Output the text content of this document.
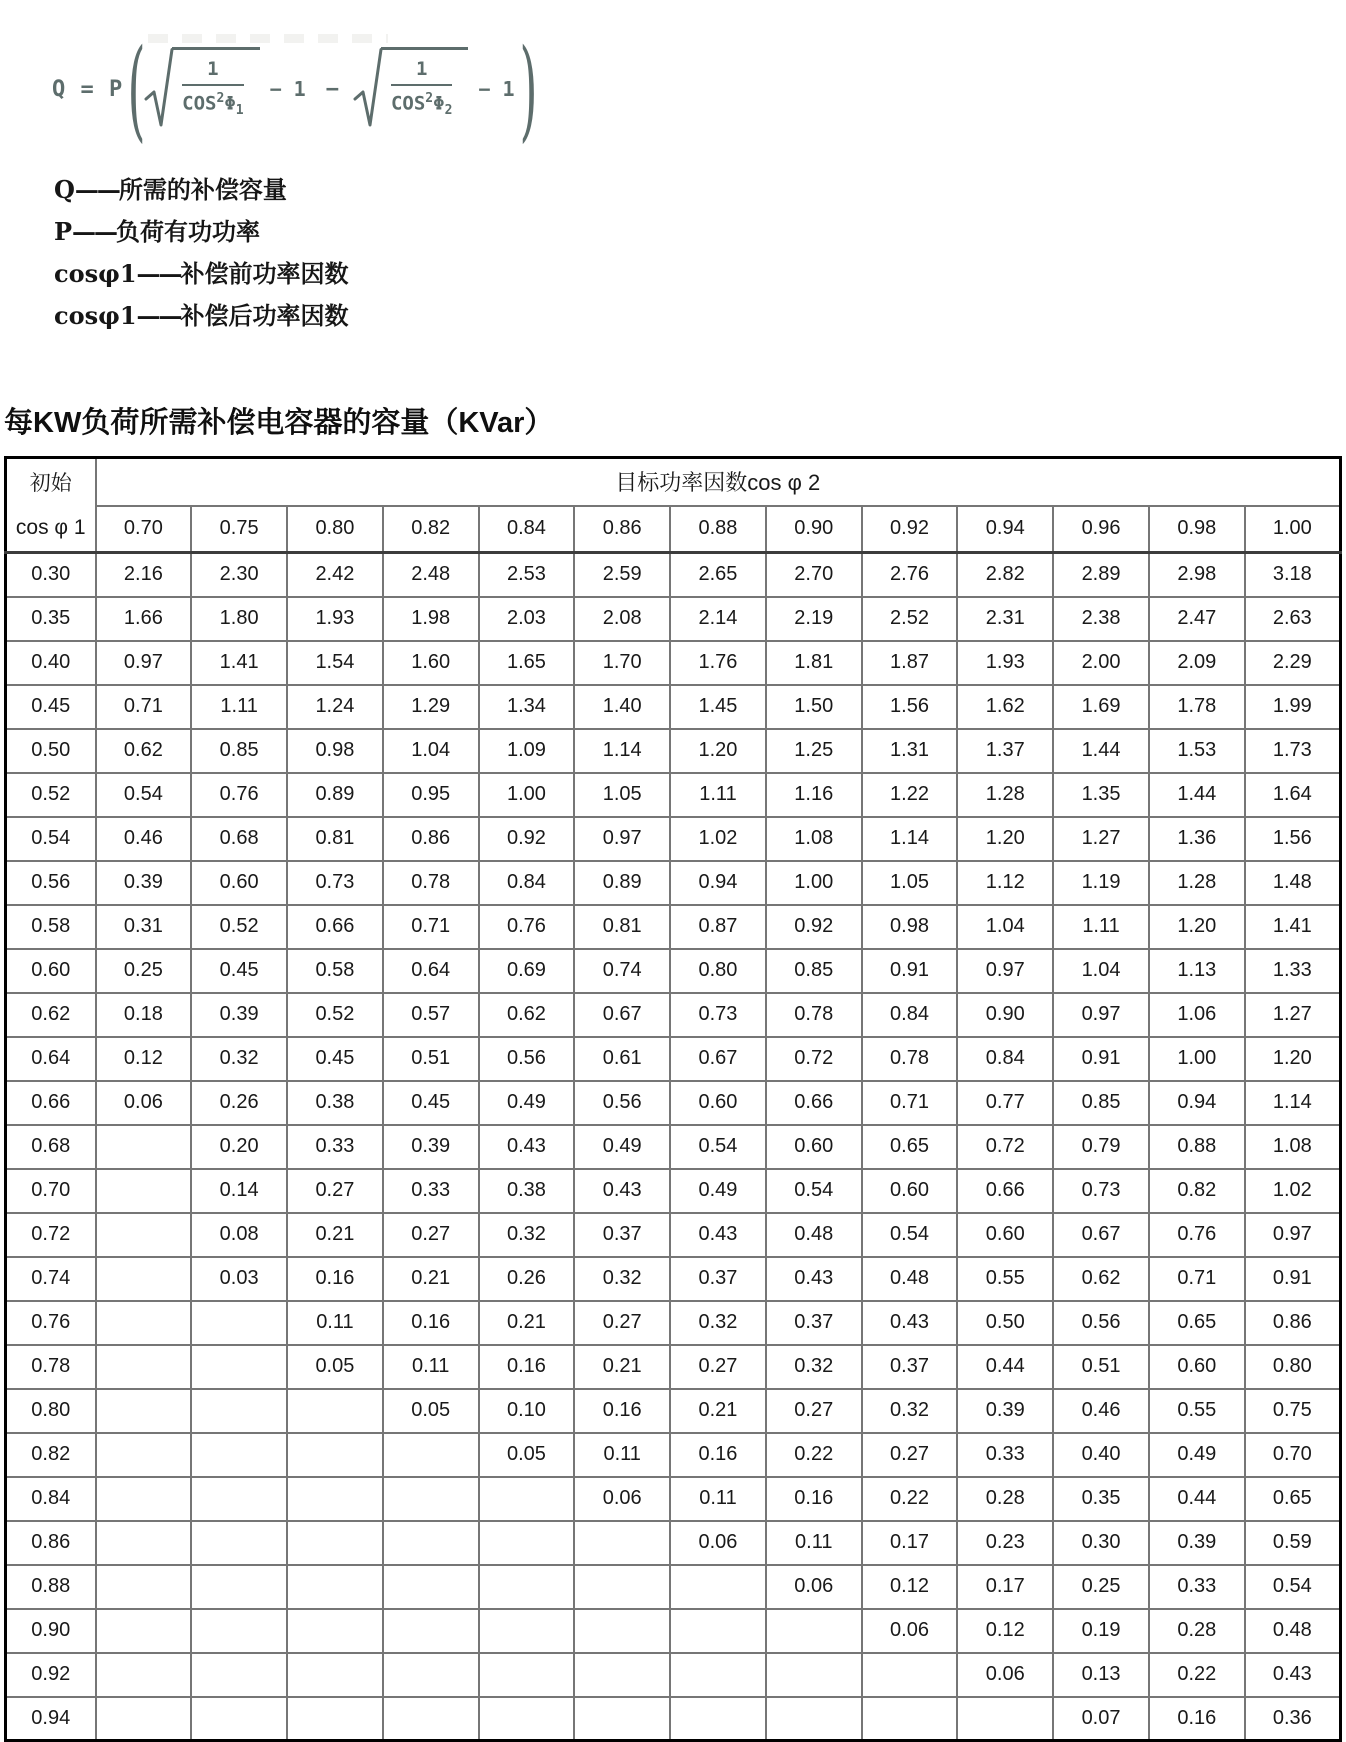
Q = P ( $\frac{1}{COS^2\Phi_1} - 1$ −	$\frac{1}{COS^2\Phi_2} - 1$ )
Q —— 所需的补偿容量
P —— 负荷有功功率
cosφ1 —— 补偿前功率因数
cosφ1 —— 补偿后功率因数
每KW负荷所需补偿电容器的容量（KVar）
初始
cos φ 1	目标功率因数cos φ 2												
	0.70	0.75	0.80	0.82	0.84	0.86	0.88	0.90	0.92	0.94	0.96	0.98	1.00
0.30	2.16	2.30	2.42	2.48	2.53	2.59	2.65	2.70	2.76	2.82	2.89	2.98	3.18
0.35	1.66	1.80	1.93	1.98	2.03	2.08	2.14	2.19	2.52	2.31	2.38	2.47	2.63
0.40	0.97	1.41	1.54	1.60	1.65	1.70	1.76	1.81	1.87	1.93	2.00	2.09	2.29
0.45	0.71	1.11	1.24	1.29	1.34	1.40	1.45	1.50	1.56	1.62	1.69	1.78	1.99
0.50	0.62	0.85	0.98	1.04	1.09	1.14	1.20	1.25	1.31	1.37	1.44	1.53	1.73
0.52	0.54	0.76	0.89	0.95	1.00	1.05	1.11	1.16	1.22	1.28	1.35	1.44	1.64
0.54	0.46	0.68	0.81	0.86	0.92	0.97	1.02	1.08	1.14	1.20	1.27	1.36	1.56
0.56	0.39	0.60	0.73	0.78	0.84	0.89	0.94	1.00	1.05	1.12	1.19	1.28	1.48
0.58	0.31	0.52	0.66	0.71	0.76	0.81	0.87	0.92	0.98	1.04	1.11	1.20	1.41
0.60	0.25	0.45	0.58	0.64	0.69	0.74	0.80	0.85	0.91	0.97	1.04	1.13	1.33
0.62	0.18	0.39	0.52	0.57	0.62	0.67	0.73	0.78	0.84	0.90	0.97	1.06	1.27
0.64	0.12	0.32	0.45	0.51	0.56	0.61	0.67	0.72	0.78	0.84	0.91	1.00	1.20
0.66	0.06	0.26	0.38	0.45	0.49	0.56	0.60	0.66	0.71	0.77	0.85	0.94	1.14
0.68		0.20	0.33	0.39	0.43	0.49	0.54	0.60	0.65	0.72	0.79	0.88	1.08
0.70		0.14	0.27	0.33	0.38	0.43	0.49	0.54	0.60	0.66	0.73	0.82	1.02
0.72		0.08	0.21	0.27	0.32	0.37	0.43	0.48	0.54	0.60	0.67	0.76	0.97
0.74		0.03	0.16	0.21	0.26	0.32	0.37	0.43	0.48	0.55	0.62	0.71	0.91
0.76			0.11	0.16	0.21	0.27	0.32	0.37	0.43	0.50	0.56	0.65	0.86
0.78			0.05	0.11	0.16	0.21	0.27	0.32	0.37	0.44	0.51	0.60	0.80
0.80				0.05	0.10	0.16	0.21	0.27	0.32	0.39	0.46	0.55	0.75
0.82					0.05	0.11	0.16	0.22	0.27	0.33	0.40	0.49	0.70
0.84						0.06	0.11	0.16	0.22	0.28	0.35	0.44	0.65
0.86							0.06	0.11	0.17	0.23	0.30	0.39	0.59
0.88								0.06	0.12	0.17	0.25	0.33	0.54
0.90									0.06	0.12	0.19	0.28	0.48
0.92										0.06	0.13	0.22	0.43
0.94											0.07	0.16	0.36
